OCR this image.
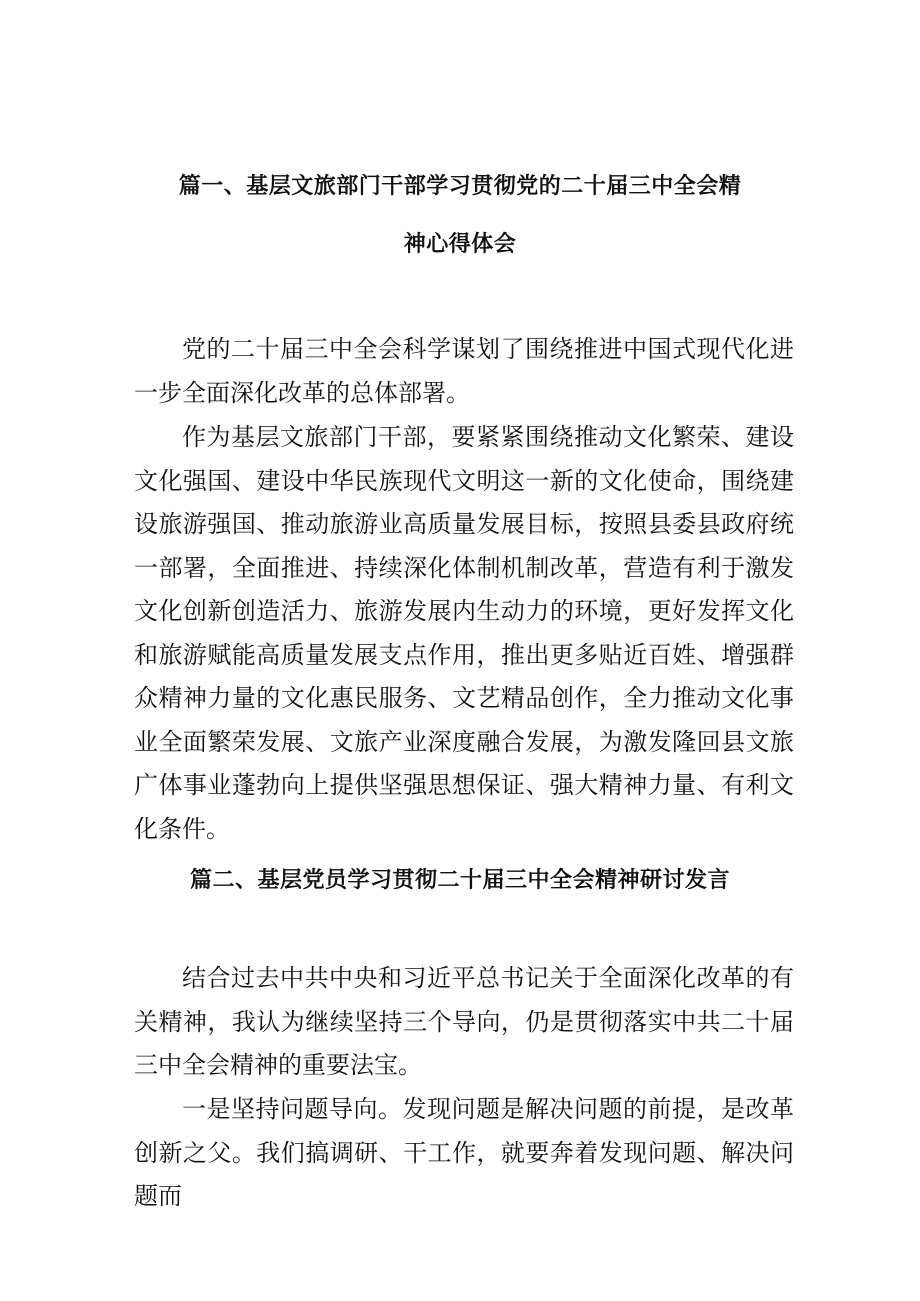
篇一、基层文旅部门干部学习贯彻党的二十届三中全会精
神心得体会

党的二十届三中全会科学谋划了围绕推进中国式现代化进一步全面深化改革的总体部署。

作为基层文旅部门干部，要紧紧围绕推动文化繁荣、建设文化强国、建设中华民族现代文明这一新的文化使命，围绕建设旅游强国、推动旅游业高质量发展目标，按照县委县政府统一部署，全面推进、持续深化体制机制改革，营造有利于激发文化创新创造活力、旅游发展内生动力的环境，更好发挥文化和旅游赋能高质量发展支点作用，推出更多贴近百姓、增强群众精神力量的文化惠民服务、文艺精品创作，全力推动文化事业全面繁荣发展、文旅产业深度融合发展，为激发隆回县文旅广体事业蓬勃向上提供坚强思想保证、强大精神力量、有利文化条件。

篇二、基层党员学习贯彻二十届三中全会精神研讨发言

结合过去中共中央和习近平总书记关于全面深化改革的有关精神，我认为继续坚持三个导向，仍是贯彻落实中共二十届三中全会精神的重要法宝。

一是坚持问题导向。发现问题是解决问题的前提，是改革创新之父。我们搞调研、干工作，就要奔着发现问题、解决问题而
